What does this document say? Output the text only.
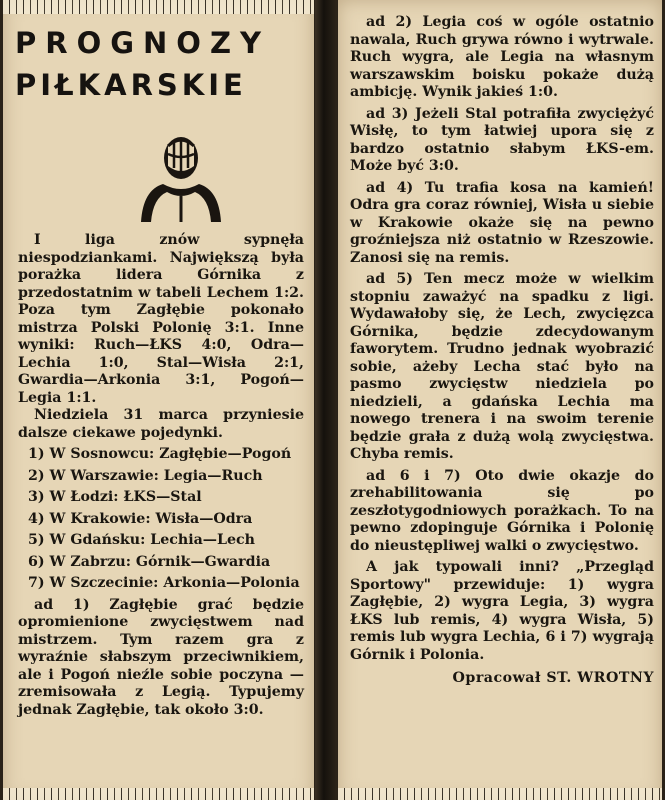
PROGNOZY
PIŁKARSKIE

I liga znów sypnęła niespodziankami. Największą była porażka lidera Górnika z przedostatnim w tabeli Lechem 1:2. Poza tym Zagłębie pokonało mistrza Polski Polonię 3:1. Inne wyniki: Ruch—ŁKS 4:0, Odra—Lechia 1:0, Stal—Wisła 2:1, Gwardia—Arkonia 3:1, Pogoń—Legia 1:1.

Niedziela 31 marca przyniesie dalsze ciekawe pojedynki.

1) W Sosnowcu: Zagłębie—Pogoń

2) W Warszawie: Legia—Ruch

3) W Łodzi: ŁKS—Stal

4) W Krakowie: Wisła—Odra

5) W Gdańsku: Lechia—Lech

6) W Zabrzu: Górnik—Gwardia

7) W Szczecinie: Arkonia—Polonia

ad 1) Zagłębie grać będzie opromienione zwycięstwem nad mistrzem. Tym razem gra z wyraźnie słabszym przeciwnikiem, ale i Pogoń nieźle sobie poczyna — zremisowała z Legią. Typujemy jednak Zagłębie, tak około 3:0.

ad 2) Legia coś w ogóle ostatnio nawala, Ruch grywa równo i wytrwale. Ruch wygra, ale Legia na własnym warszawskim boisku pokaże dużą ambicję. Wynik jakieś 1:0.

ad 3) Jeżeli Stal potrafiła zwyciężyć Wisłę, to tym łatwiej upora się z bardzo ostatnio słabym ŁKS-em. Może być 3:0.

ad 4) Tu trafia kosa na kamień! Odra gra coraz równiej, Wisła u siebie w Krakowie okaże się na pewno groźniejsza niż ostatnio w Rzeszowie. Zanosi się na remis.

ad 5) Ten mecz może w wielkim stopniu zaważyć na spadku z ligi. Wydawałoby się, że Lech, zwycięzca Górnika, będzie zdecydowanym faworytem. Trudno jednak wyobrazić sobie, ażeby Lecha stać było na pasmo zwycięstw niedziela po niedzieli, a gdańska Lechia ma nowego trenera i na swoim terenie będzie grała z dużą wolą zwycięstwa. Chyba remis.

ad 6 i 7) Oto dwie okazje do zrehabilitowania się po zeszłotygodniowych porażkach. To na pewno zdopinguje Górnika i Polonię do nieustępliwej walki o zwycięstwo.

A jak typowali inni? „Przegląd Sportowy" przewiduje: 1) wygra Zagłębie, 2) wygra Legia, 3) wygra ŁKS lub remis, 4) wygra Wisła, 5) remis lub wygra Lechia, 6 i 7) wygrają Górnik i Polonia.

Opracował ST. WROTNY
